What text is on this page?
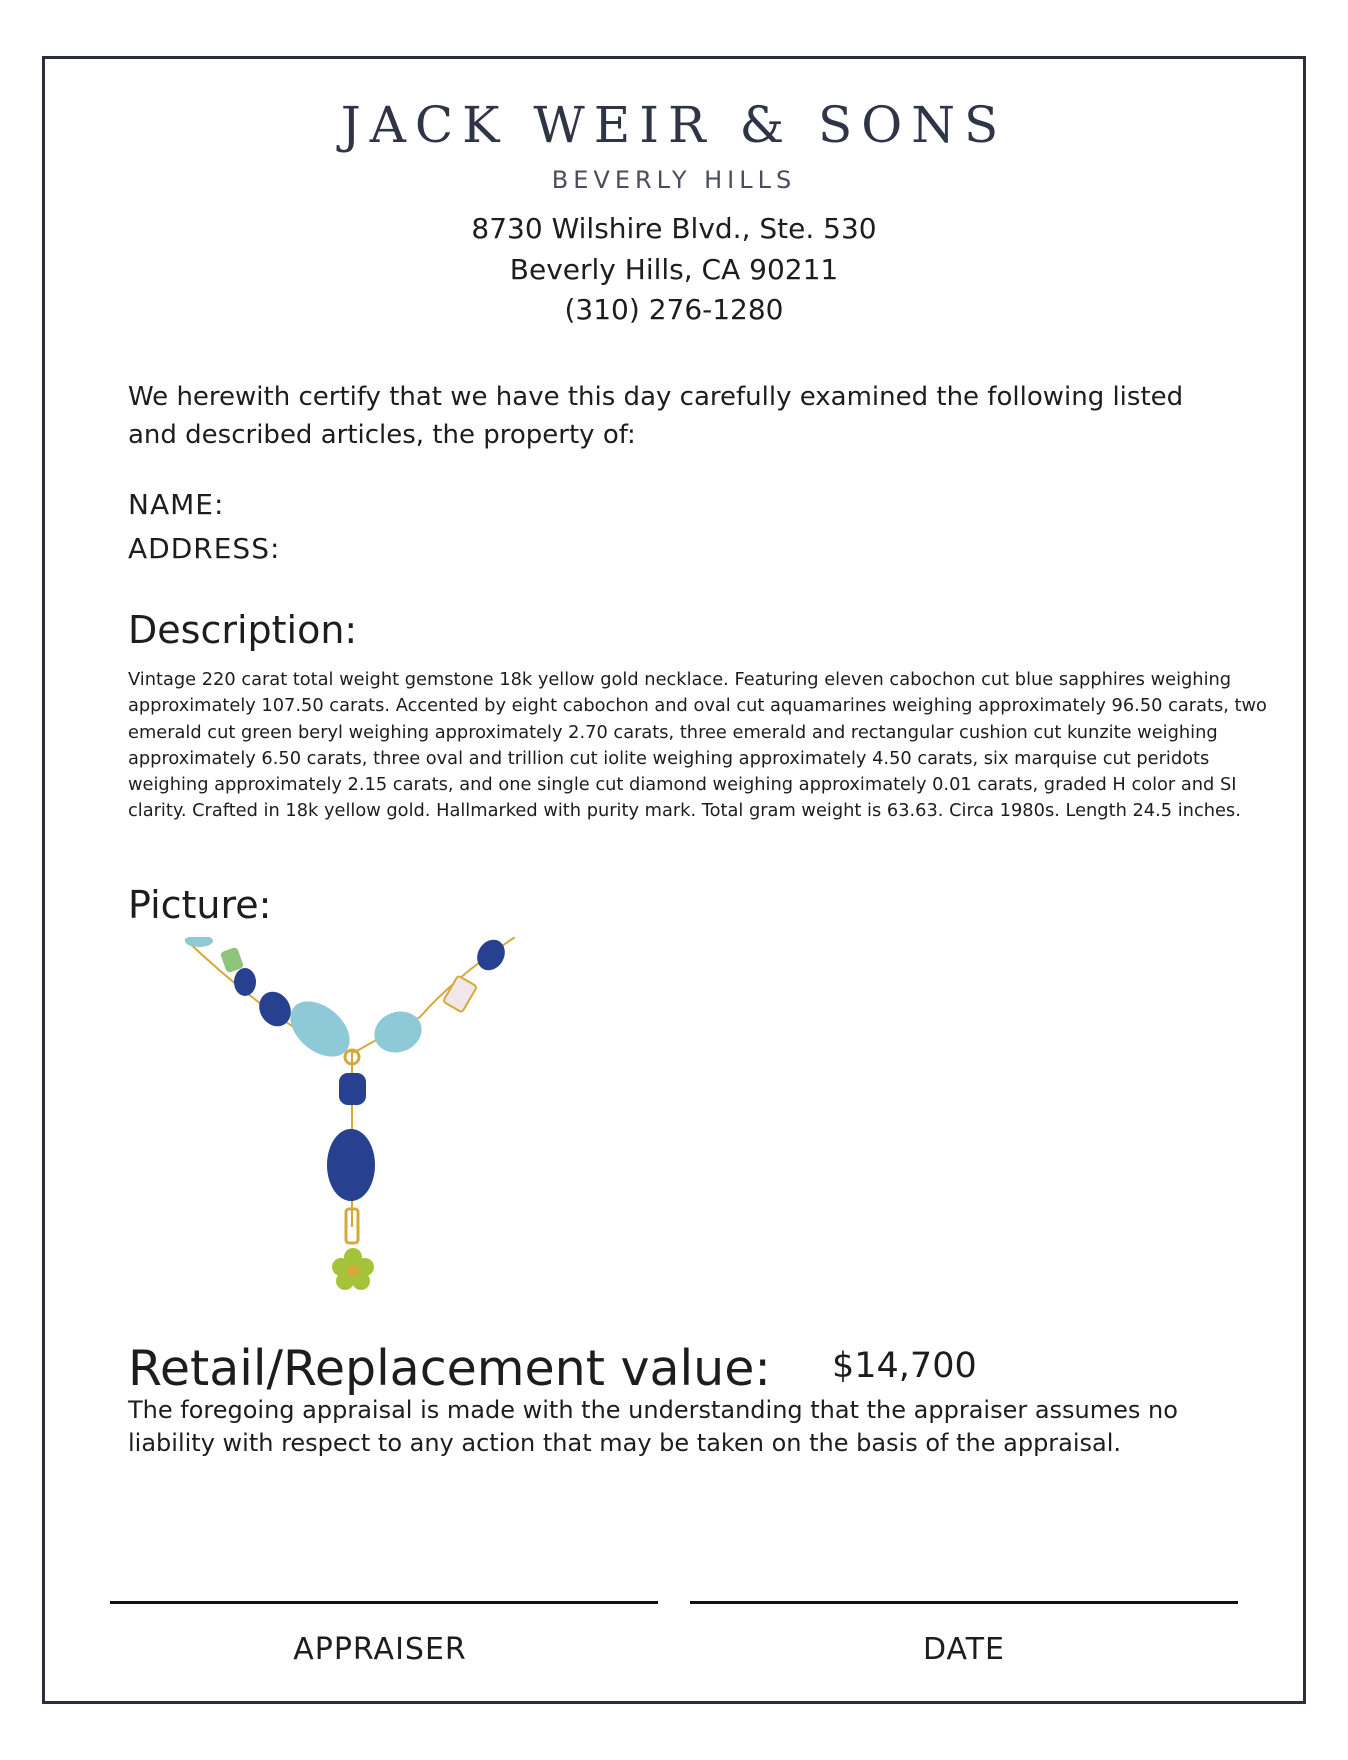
JACK WEIR & SONS
BEVERLY HILLS
8730 Wilshire Blvd., Ste. 530
Beverly Hills, CA 90211
(310) 276-1280
We herewith certify that we have this day carefully examined the following listed and described articles, the property of:
NAME:
ADDRESS:
Description:
Vintage 220 carat total weight gemstone 18k yellow gold necklace. Featuring eleven cabochon cut blue sapphires weighing approximately 107.50 carats. Accented by eight cabochon and oval cut aquamarines weighing approximately 96.50 carats, two emerald cut green beryl weighing approximately 2.70 carats, three emerald and rectangular cushion cut kunzite weighing approximately 6.50 carats, three oval and trillion cut iolite weighing approximately 4.50 carats, six marquise cut peridots weighing approximately 2.15 carats, and one single cut diamond weighing approximately 0.01 carats, graded H color and SI clarity. Crafted in 18k yellow gold. Hallmarked with purity mark. Total gram weight is 63.63. Circa 1980s. Length 24.5 inches.
Picture:
Retail/Replacement value: $14,700
The foregoing appraisal is made with the understanding that the appraiser assumes no liability with respect to any action that may be taken on the basis of the appraisal.
APPRAISER	DATE
